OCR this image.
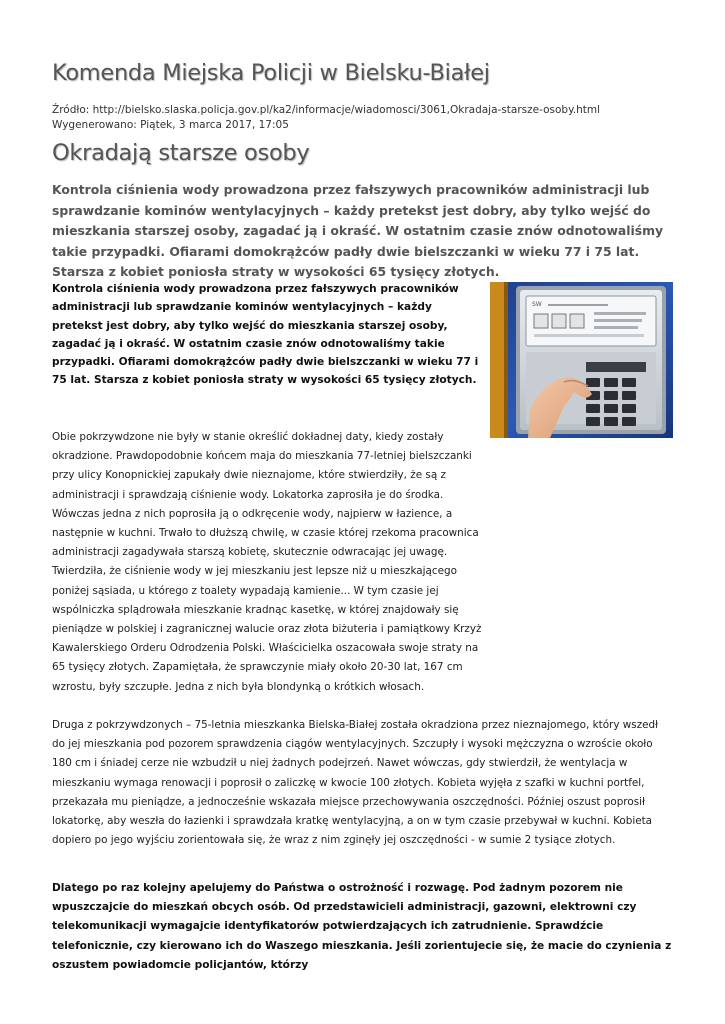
Komenda Miejska Policji w Bielsku-Białej
Źródło: http://bielsko.slaska.policja.gov.pl/ka2/informacje/wiadomosci/3061,Okradaja-starsze-osoby.html
Wygenerowano: Piątek, 3 marca 2017, 17:05
Okradają starsze osoby

Kontrola ciśnienia wody prowadzona przez fałszywych pracowników administracji lub sprawdzanie kominów wentylacyjnych – każdy pretekst jest dobry, aby tylko wejść do mieszkania starszej osoby, zagadać ją i okraść. W ostatnim czasie znów odnotowaliśmy takie przypadki. Ofiarami domokrążców padły dwie bielszczanki w wieku 77 i 75 lat. Starsza z kobiet poniosła straty w wysokości 65 tysięcy złotych.

Kontrola ciśnienia wody prowadzona przez fałszywych pracowników administracji lub sprawdzanie kominów wentylacyjnych – każdy pretekst jest dobry, aby tylko wejść do mieszkania starszej osoby, zagadać ją i okraść. W ostatnim czasie znów odnotowaliśmy takie przypadki. Ofiarami domokrążców padły dwie bielszczanki w wieku 77 i 75 lat. Starsza z kobiet poniosła straty w wysokości 65 tysięcy złotych.

SW

Obie pokrzywdzone nie były w stanie określić dokładnej daty, kiedy zostały okradzione. Prawdopodobnie końcem maja do mieszkania 77-letniej bielszczanki przy ulicy Konopnickiej zapukały dwie nieznajome, które stwierdziły, że są z administracji i sprawdzają ciśnienie wody. Lokatorka zaprosiła je do środka. Wówczas jedna z nich poprosiła ją o odkręcenie wody, najpierw w łazience, a następnie w kuchni. Trwało to dłuższą chwilę, w czasie której rzekoma pracownica administracji zagadywała starszą kobietę, skutecznie odwracając jej uwagę. Twierdziła, że ciśnienie wody w jej mieszkaniu jest lepsze niż u mieszkającego poniżej sąsiada, u którego z toalety wypadają kamienie... W tym czasie jej wspólniczka splądrowała mieszkanie kradnąc kasetkę, w której znajdowały się pieniądze w polskiej i zagranicznej walucie oraz złota biżuteria i pamiątkowy Krzyż Kawalerskiego Orderu Odrodzenia Polski. Właścicielka oszacowała swoje straty na 65 tysięcy złotych. Zapamiętała, że sprawczynie miały około 20-30 lat, 167 cm wzrostu, były szczupłe. Jedna z nich była blondynką o krótkich włosach.

Druga z pokrzywdzonych – 75-letnia mieszkanka Bielska-Białej została okradziona przez nieznajomego, który wszedł do jej mieszkania pod pozorem sprawdzenia ciągów wentylacyjnych. Szczupły i wysoki mężczyzna o wzroście około 180 cm i śniadej cerze nie wzbudził u niej żadnych podejrzeń. Nawet wówczas, gdy stwierdził, że wentylacja w mieszkaniu wymaga renowacji i poprosił o zaliczkę w kwocie 100 złotych. Kobieta wyjęła z szafki w kuchni portfel, przekazała mu pieniądze, a jednocześnie wskazała miejsce przechowywania oszczędności. Później oszust poprosił lokatorkę, aby weszła do łazienki i sprawdzała kratkę wentylacyjną, a on w tym czasie przebywał w kuchni. Kobieta dopiero po jego wyjściu zorientowała się, że wraz z nim zginęły jej oszczędności - w sumie 2 tysiące złotych.

Dlatego po raz kolejny apelujemy do Państwa o ostrożność i rozwagę. Pod żadnym pozorem nie wpuszczajcie do mieszkań obcych osób. Od przedstawicieli administracji, gazowni, elektrowni czy telekomunikacji wymagajcie identyfikatorów potwierdzających ich zatrudnienie. Sprawdźcie telefonicznie, czy kierowano ich do Waszego mieszkania. Jeśli zorientujecie się, że macie do czynienia z oszustem powiadomcie policjantów, którzy
